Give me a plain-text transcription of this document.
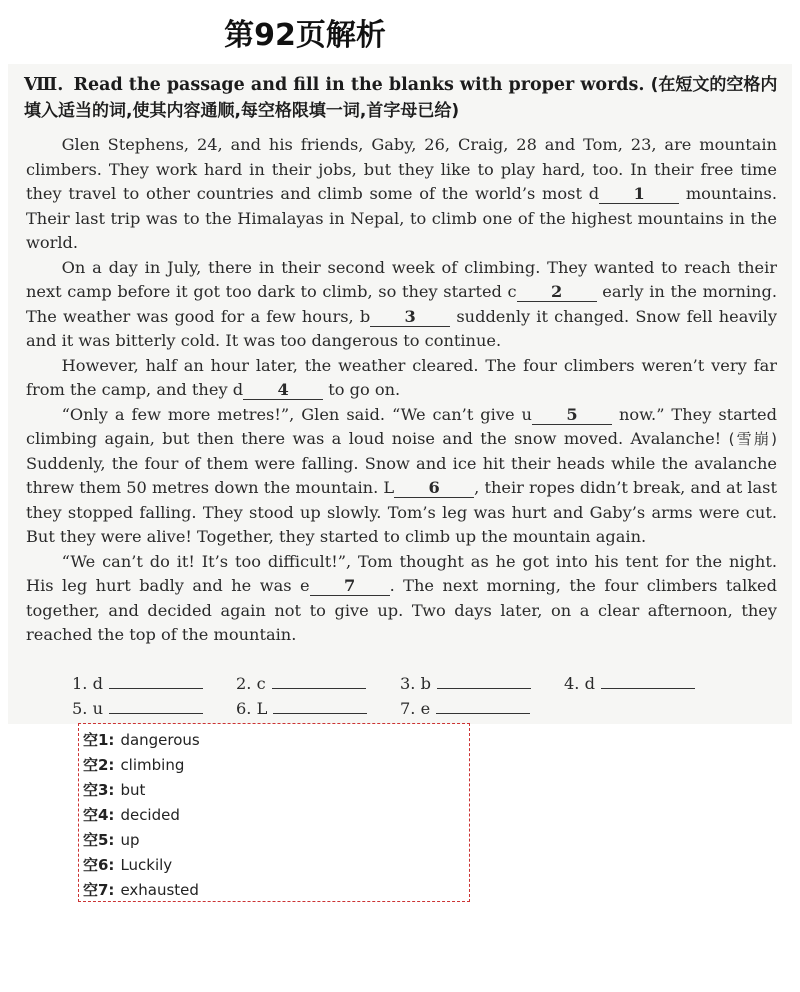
第92页解析
Ⅷ. Read the passage and fill in the blanks with proper words. (在短文的空格内填入适当的词,使其内容通顺,每空格限填一词,首字母已给)

Glen Stephens, 24, and his friends, Gaby, 26, Craig, 28 and Tom, 23, are mountain climbers. They work hard in their jobs, but they like to play hard, too. In their free time they travel to other countries and climb some of the world’s most d 1 mountains. Their last trip was to the Himalayas in Nepal, to climb one of the highest mountains in the world.

On a day in July, there in their second week of climbing. They wanted to reach their next camp before it got too dark to climb, so they started c 2 early in the morning. The weather was good for a few hours, b 3 suddenly it changed. Snow fell heavily and it was bitterly cold. It was too dangerous to continue.

However, half an hour later, the weather cleared. The four climbers weren’t very far from the camp, and they d 4 to go on.

“Only a few more metres!”, Glen said. “We can’t give u 5 now.” They started climbing again, but then there was a loud noise and the snow moved. Avalanche! (雪崩) Suddenly, the four of them were falling. Snow and ice hit their heads while the avalanche threw them 50 metres down the mountain. L 6 , their ropes didn’t break, and at last they stopped falling. They stood up slowly. Tom’s leg was hurt and Gaby’s arms were cut. But they were alive! Together, they started to climb up the mountain again.

“We can’t do it! It’s too difficult!”, Tom thought as he got into his tent for the night. His leg hurt badly and he was e 7 . The next morning, the four climbers talked together, and decided again not to give up. Two days later, on a clear afternoon, they reached the top of the mountain.

1. d	2. c	3. b	4. d
5. u	6. L	7. e
空1: dangerous
空2: climbing
空3: but
空4: decided
空5: up
空6: Luckily
空7: exhausted
